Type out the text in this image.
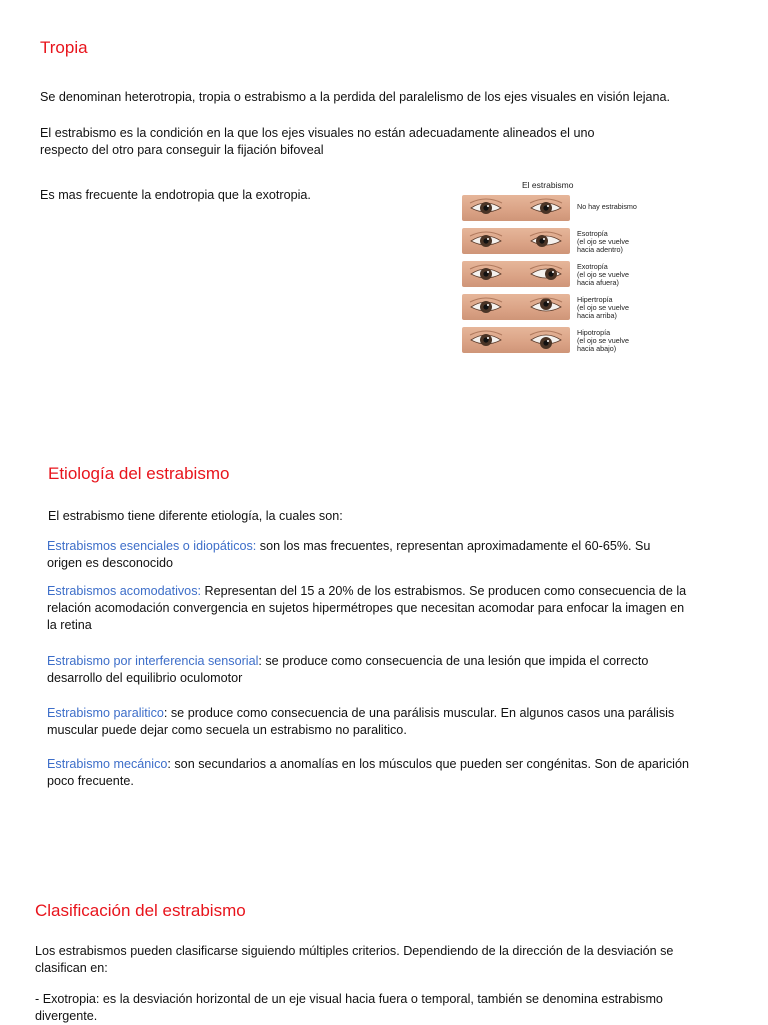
Tropia

Se denominan heterotropia, tropia o estrabismo a la perdida del paralelismo de los ejes visuales en visión lejana.

El estrabismo es la condición en la que los ejes visuales no están adecuadamente alineados el uno

respecto del otro para conseguir la fijación bifoveal

Es mas frecuente la endotropia que la exotropia.

El estrabismo
No hay estrabismo
Esotropía
(el ojo se vuelve
hacia adentro)
Exotropía
(el ojo se vuelve
hacia afuera)
Hipertropía
(el ojo se vuelve
hacia arriba)
Hipotropía
(el ojo se vuelve
hacia abajo)
Etiología del estrabismo

El estrabismo tiene diferente etiología, la cuales son:

Estrabismos esenciales o idiopáticos: son los mas frecuentes, representan aproximadamente el 60-65%. Su

origen es desconocido

Estrabismos acomodativos: Representan del 15 a 20% de los estrabismos. Se producen como consecuencia de la

relación acomodación convergencia en sujetos hipermétropes que necesitan acomodar para enfocar la imagen en

la retina

Estrabismo por interferencia sensorial: se produce como consecuencia de una lesión que impida el correcto

desarrollo del equilibrio oculomotor

Estrabismo paralitico: se produce como consecuencia de una parálisis muscular. En algunos casos una parálisis

muscular puede dejar como secuela un estrabismo no paralitico.

Estrabismo mecánico: son secundarios a anomalías en los músculos que pueden ser congénitas. Son de aparición

poco frecuente.

Clasificación del estrabismo

Los estrabismos pueden clasificarse siguiendo múltiples criterios. Dependiendo de la dirección de la desviación se

clasifican en:

- Exotropia: es la desviación horizontal de un eje visual hacia fuera o temporal, también se denomina estrabismo

divergente.
